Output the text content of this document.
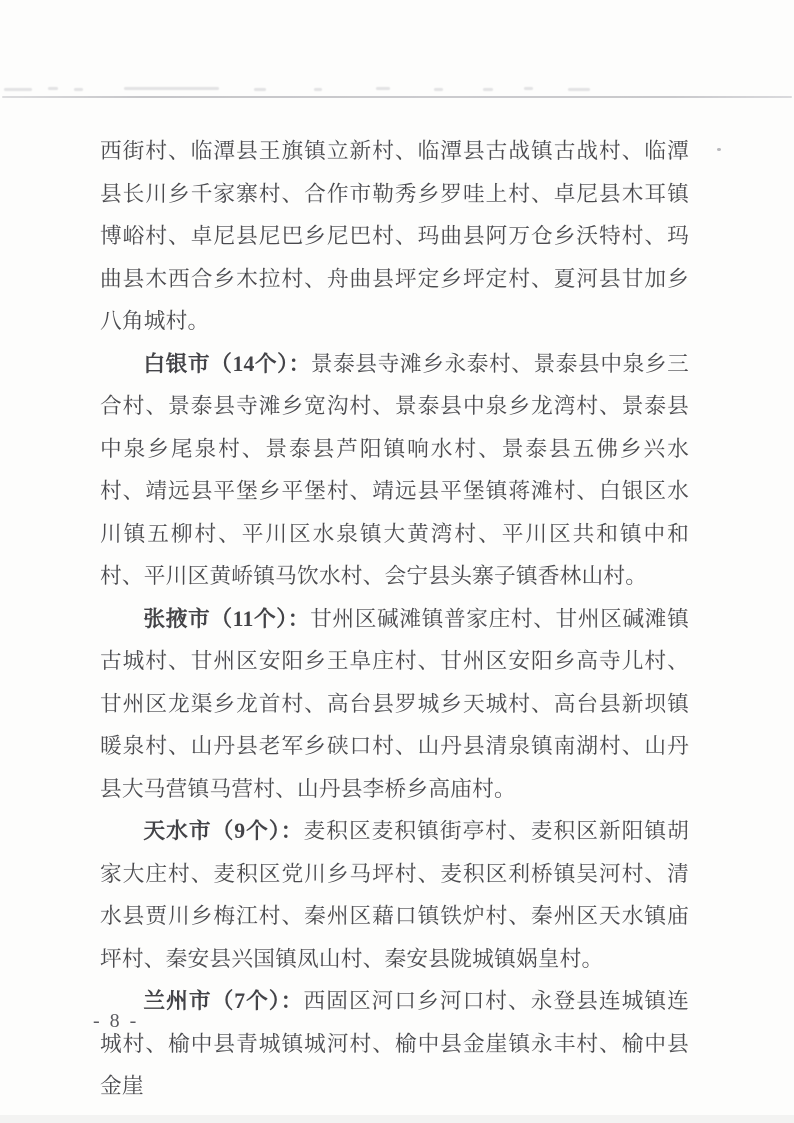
西街村、临潭县王旗镇立新村、临潭县古战镇古战村、临潭县长川乡千家寨村、合作市勒秀乡罗哇上村、卓尼县木耳镇博峪村、卓尼县尼巴乡尼巴村、玛曲县阿万仓乡沃特村、玛曲县木西合乡木拉村、舟曲县坪定乡坪定村、夏河县甘加乡八角城村。

白银市（14个）：景泰县寺滩乡永泰村、景泰县中泉乡三合村、景泰县寺滩乡宽沟村、景泰县中泉乡龙湾村、景泰县中泉乡尾泉村、景泰县芦阳镇响水村、景泰县五佛乡兴水村、靖远县平堡乡平堡村、靖远县平堡镇蒋滩村、白银区水川镇五柳村、平川区水泉镇大黄湾村、平川区共和镇中和村、平川区黄峤镇马饮水村、会宁县头寨子镇香林山村。

张掖市（11个）：甘州区碱滩镇普家庄村、甘州区碱滩镇古城村、甘州区安阳乡王阜庄村、甘州区安阳乡高寺儿村、甘州区龙渠乡龙首村、高台县罗城乡天城村、高台县新坝镇暖泉村、山丹县老军乡硖口村、山丹县清泉镇南湖村、山丹县大马营镇马营村、山丹县李桥乡高庙村。

天水市（9个）：麦积区麦积镇街亭村、麦积区新阳镇胡家大庄村、麦积区党川乡马坪村、麦积区利桥镇吴河村、清水县贾川乡梅江村、秦州区藉口镇铁炉村、秦州区天水镇庙坪村、秦安县兴国镇凤山村、秦安县陇城镇娲皇村。

兰州市（7个）：西固区河口乡河口村、永登县连城镇连城村、榆中县青城镇城河村、榆中县金崖镇永丰村、榆中县金崖

- 8 -
